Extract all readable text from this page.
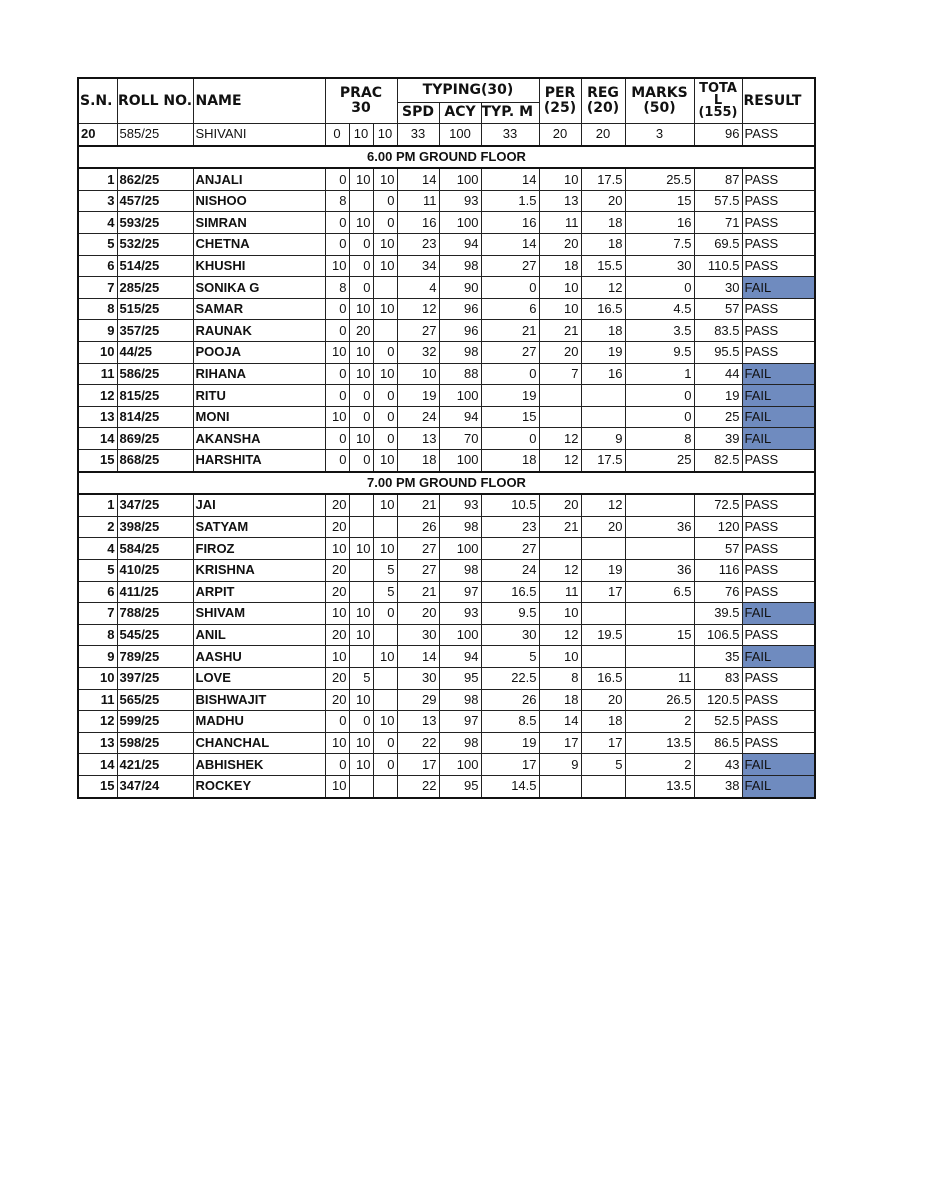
S.N.	ROLL NO.	NAME	PRAC 30			TYPING(30)			PER (25)	REG (20)	MARKS (50)	TOTA L (155)	RESULT
						SPD	ACY	TYP. M					
20	585/25	SHIVANI	0	10	10	33	100	33	20	20	3	96	PASS
6.00 PM GROUND FLOOR													
1	862/25	ANJALI	0	10	10	14	100	14	10	17.5	25.5	87	PASS
3	457/25	NISHOO	8		0	11	93	1.5	13	20	15	57.5	PASS
4	593/25	SIMRAN	0	10	0	16	100	16	11	18	16	71	PASS
5	532/25	CHETNA	0	0	10	23	94	14	20	18	7.5	69.5	PASS
6	514/25	KHUSHI	10	0	10	34	98	27	18	15.5	30	110.5	PASS
7	285/25	SONIKA G	8	0		4	90	0	10	12	0	30	FAIL
8	515/25	SAMAR	0	10	10	12	96	6	10	16.5	4.5	57	PASS
9	357/25	RAUNAK	0	20		27	96	21	21	18	3.5	83.5	PASS
10	44/25	POOJA	10	10	0	32	98	27	20	19	9.5	95.5	PASS
11	586/25	RIHANA	0	10	10	10	88	0	7	16	1	44	FAIL
12	815/25	RITU	0	0	0	19	100	19			0	19	FAIL
13	814/25	MONI	10	0	0	24	94	15			0	25	FAIL
14	869/25	AKANSHA	0	10	0	13	70	0	12	9	8	39	FAIL
15	868/25	HARSHITA	0	0	10	18	100	18	12	17.5	25	82.5	PASS
7.00 PM GROUND FLOOR													
1	347/25	JAI	20		10	21	93	10.5	20	12		72.5	PASS
2	398/25	SATYAM	20			26	98	23	21	20	36	120	PASS
4	584/25	FIROZ	10	10	10	27	100	27				57	PASS
5	410/25	KRISHNA	20		5	27	98	24	12	19	36	116	PASS
6	411/25	ARPIT	20		5	21	97	16.5	11	17	6.5	76	PASS
7	788/25	SHIVAM	10	10	0	20	93	9.5	10			39.5	FAIL
8	545/25	ANIL	20	10		30	100	30	12	19.5	15	106.5	PASS
9	789/25	AASHU	10		10	14	94	5	10			35	FAIL
10	397/25	LOVE	20	5		30	95	22.5	8	16.5	11	83	PASS
11	565/25	BISHWAJIT	20	10		29	98	26	18	20	26.5	120.5	PASS
12	599/25	MADHU	0	0	10	13	97	8.5	14	18	2	52.5	PASS
13	598/25	CHANCHAL	10	10	0	22	98	19	17	17	13.5	86.5	PASS
14	421/25	ABHISHEK	0	10	0	17	100	17	9	5	2	43	FAIL
15	347/24	ROCKEY	10			22	95	14.5			13.5	38	FAIL
